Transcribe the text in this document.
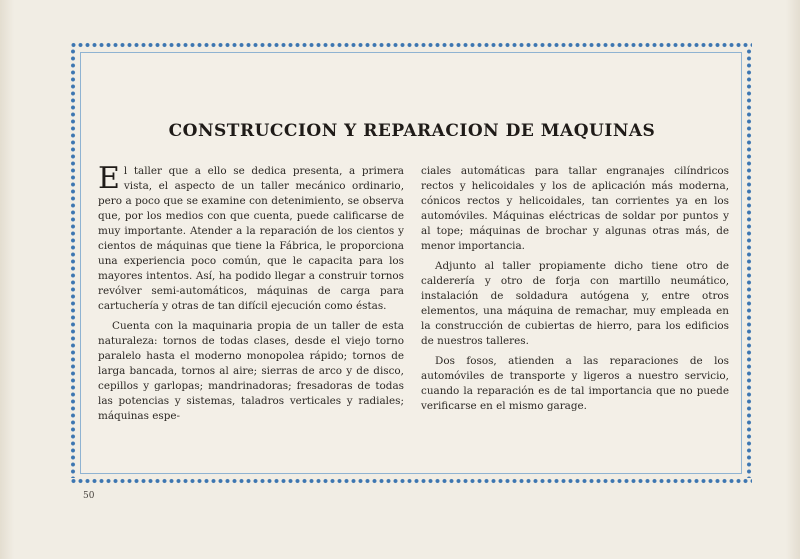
CONSTRUCCION Y REPARACION DE MAQUINAS

El taller que a ello se dedica presenta, a primera vista, el aspecto de un taller mecánico ordinario, pero a poco que se examine con detenimiento, se observa que, por los medios con que cuenta, puede calificarse de muy importante. Atender a la reparación de los cientos y cientos de máquinas que tiene la Fábrica, le proporciona una experiencia poco común, que le capacita para los mayores intentos. Así, ha podido llegar a construir tornos revólver semi-automáticos, máquinas de carga para cartuchería y otras de tan difícil ejecución como éstas.

Cuenta con la maquinaria propia de un taller de esta naturaleza: tornos de todas clases, desde el viejo torno paralelo hasta el moderno monopolea rápido; tornos de larga bancada, tornos al aire; sierras de arco y de disco, cepillos y garlopas; mandrinadoras; fresadoras de todas las potencias y sistemas, taladros verticales y radiales; máquinas espe-

ciales automáticas para tallar engranajes cilíndricos rectos y helicoidales y los de aplicación más moderna, cónicos rectos y helicoidales, tan corrientes ya en los automóviles. Máquinas eléctricas de soldar por puntos y al tope; máquinas de brochar y algunas otras más, de menor importancia.

Adjunto al taller propiamente dicho tiene otro de calderería y otro de forja con martillo neumático, instalación de soldadura autógena y, entre otros elementos, una máquina de remachar, muy empleada en la construcción de cubiertas de hierro, para los edificios de nuestros talleres.

Dos fosos, atienden a las reparaciones de los automóviles de transporte y ligeros a nuestro servicio, cuando la reparación es de tal importancia que no puede verificarse en el mismo garage.

50
